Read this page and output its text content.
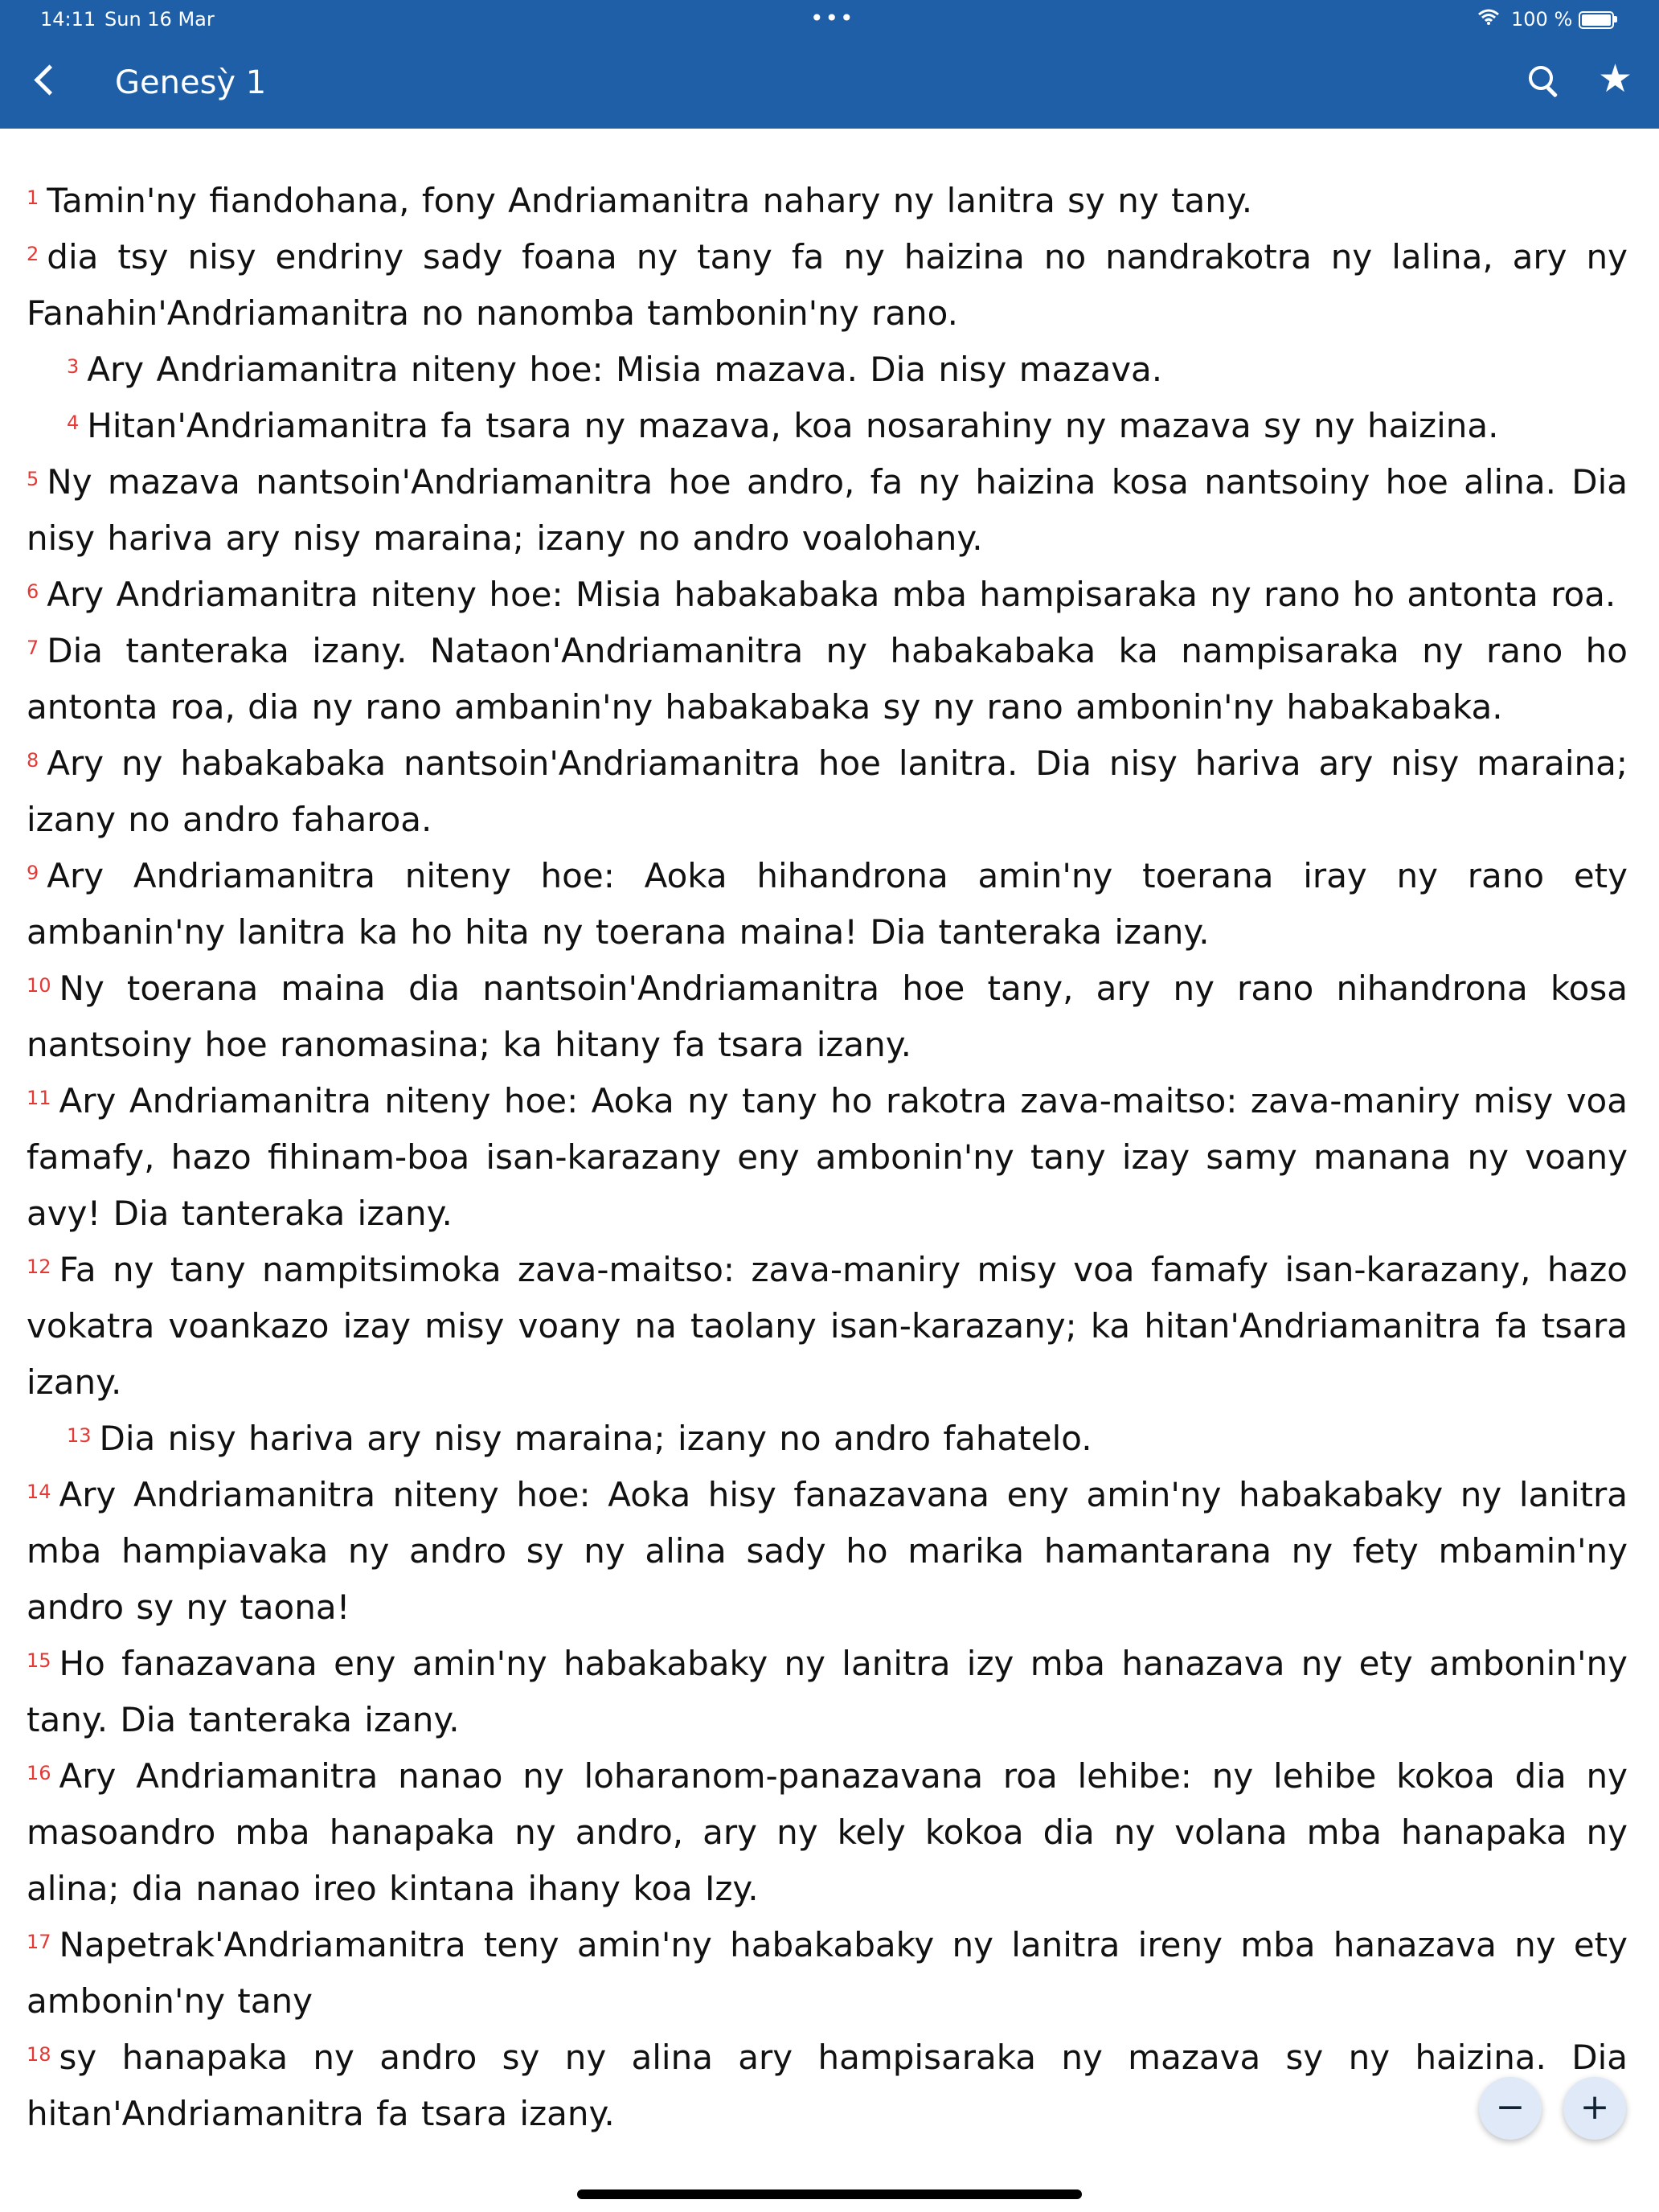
14:11 Sun 16 Mar	•••	100 %
Genesỳ 1	★

$^1$ Tamin'ny fiandohana, fony Andriamanitra nahary ny lanitra sy ny tany.

$^2$ dia tsy nisy endriny sady foana ny tany fa ny haizina no nandrakotra ny lalina, ary ny Fanahin'Andriamanitra no nanomba tambonin'ny rano.

$^3$ Ary Andriamanitra niteny hoe: Misia mazava. Dia nisy mazava.

$^4$ Hitan'Andriamanitra fa tsara ny mazava, koa nosarahiny ny mazava sy ny haizina.

$^5$ Ny mazava nantsoin'Andriamanitra hoe andro, fa ny haizina kosa nantsoiny hoe alina. Dia nisy hariva ary nisy maraina; izany no andro voalohany.

$^6$ Ary Andriamanitra niteny hoe: Misia habakabaka mba hampisaraka ny rano ho antonta roa.

$^7$ Dia tanteraka izany. Nataon'Andriamanitra ny habakabaka ka nampisaraka ny rano ho antonta roa, dia ny rano ambanin'ny habakabaka sy ny rano ambonin'ny habakabaka.

$^8$ Ary ny habakabaka nantsoin'Andriamanitra hoe lanitra. Dia nisy hariva ary nisy maraina; izany no andro faharoa.

$^9$ Ary Andriamanitra niteny hoe: Aoka hihandrona amin'ny toerana iray ny rano ety ambanin'ny lanitra ka ho hita ny toerana maina! Dia tanteraka izany.

$^{10}$ Ny toerana maina dia nantsoin'Andriamanitra hoe tany, ary ny rano nihandrona kosa nantsoiny hoe ranomasina; ka hitany fa tsara izany.

$^{11}$ Ary Andriamanitra niteny hoe: Aoka ny tany ho rakotra zava-maitso: zava-maniry misy voa famafy, hazo fihinam-boa isan-karazany eny ambonin'ny tany izay samy manana ny voany avy! Dia tanteraka izany.

$^{12}$ Fa ny tany nampitsimoka zava-maitso: zava-maniry misy voa famafy isan-karazany, hazo vokatra voankazo izay misy voany na taolany isan-karazany; ka hitan'Andriamanitra fa tsara izany.

$^{13}$ Dia nisy hariva ary nisy maraina; izany no andro fahatelo.

$^{14}$ Ary Andriamanitra niteny hoe: Aoka hisy fanazavana eny amin'ny habakabaky ny lanitra mba hampiavaka ny andro sy ny alina sady ho marika hamantarana ny fety mbamin'ny andro sy ny taona!

$^{15}$ Ho fanazavana eny amin'ny habakabaky ny lanitra izy mba hanazava ny ety ambonin'ny tany. Dia tanteraka izany.

$^{16}$ Ary Andriamanitra nanao ny loharanom-panazavana roa lehibe: ny lehibe kokoa dia ny masoandro mba hanapaka ny andro, ary ny kely kokoa dia ny volana mba hanapaka ny alina; dia nanao ireo kintana ihany koa Izy.

$^{17}$ Napetrak'Andriamanitra teny amin'ny habakabaky ny lanitra ireny mba hanazava ny ety ambonin'ny tany

$^{18}$ sy hanapaka ny andro sy ny alina ary hampisaraka ny mazava sy ny haizina. Dia hitan'Andriamanitra fa tsara izany.	−	+
